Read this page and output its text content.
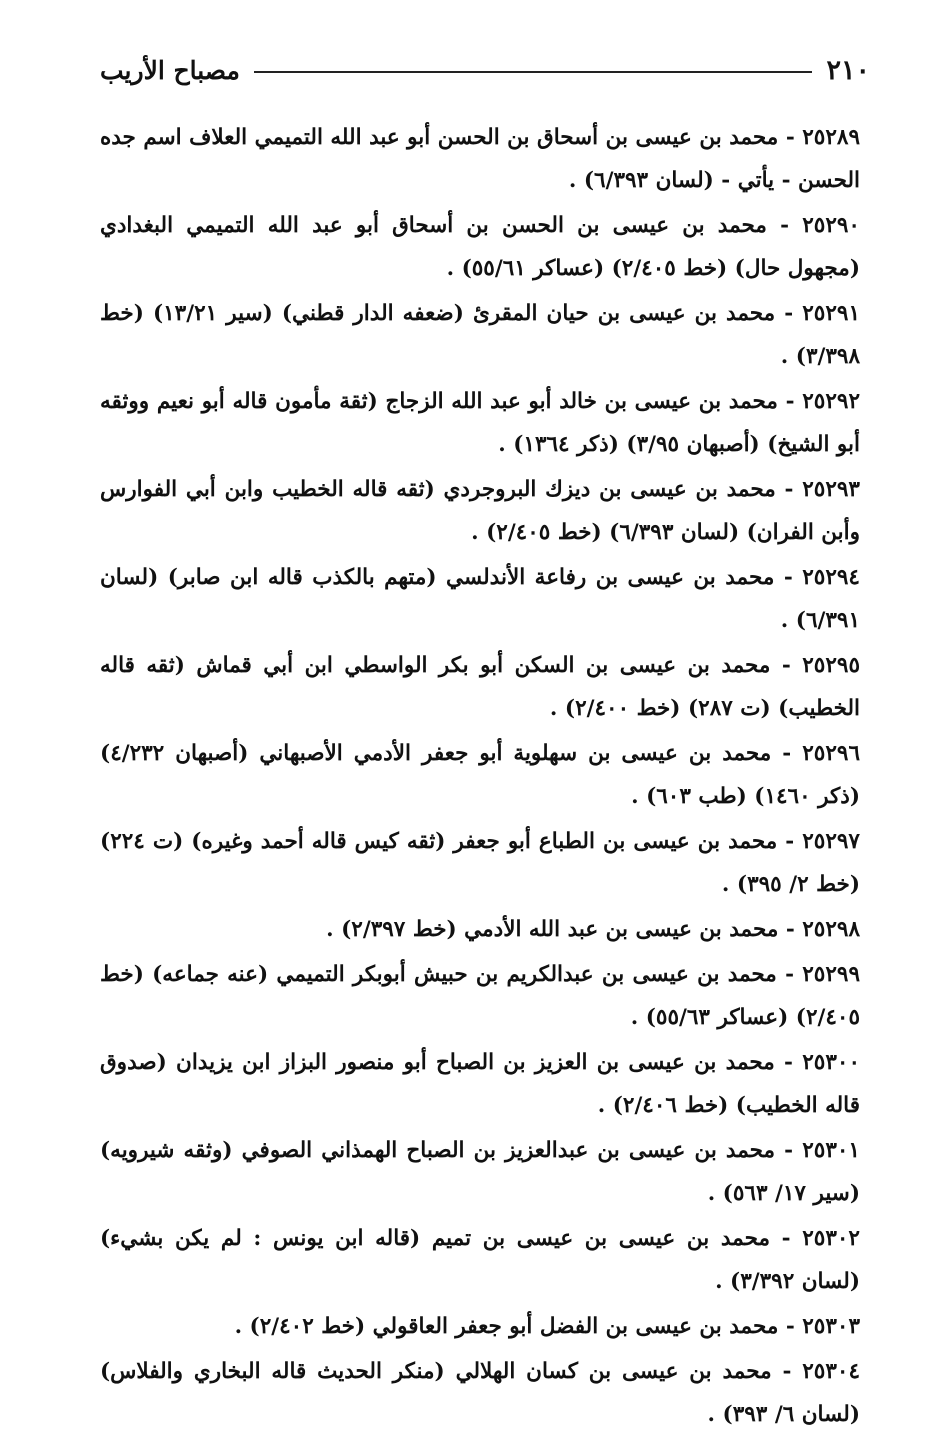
٢١٠
مصباح الأريب

٢٥٢٨٩ - محمد بن عيسى بن أسحاق بن الحسن أبو عبد الله التميمي العلاف اسم جده الحسن - يأتي - (لسان ٦/٣٩٣) .

٢٥٢٩٠ - محمد بن عيسى بن الحسن بن أسحاق أبو عبد الله التميمي البغدادي (مجهول حال) (خط ٢/٤٠٥) (عساكر ٥٥/٦١) .

٢٥٢٩١ - محمد بن عيسى بن حيان المقرئ (ضعفه الدار قطني) (سير ١٣/٢١) (خط ٣/٣٩٨) .

٢٥٢٩٢ - محمد بن عيسى بن خالد أبو عبد الله الزجاج (ثقة مأمون قاله أبو نعيم ووثقه أبو الشيخ) (أصبهان ٣/٩٥) (ذكر ١٣٦٤) .

٢٥٢٩٣ - محمد بن عيسى بن ديزك البروجردي (ثقه قاله الخطيب وابن أبي الفوارس وأبن الفران) (لسان ٦/٣٩٣) (خط ٢/٤٠٥) .

٢٥٢٩٤ - محمد بن عيسى بن رفاعة الأندلسي (متهم بالكذب قاله ابن صابر) (لسان ٦/٣٩١) .

٢٥٢٩٥ - محمد بن عيسى بن السكن أبو بكر الواسطي ابن أبي قماش (ثقه قاله الخطيب) (ت ٢٨٧) (خط ٢/٤٠٠) .

٢٥٢٩٦ - محمد بن عيسى بن سهلوية أبو جعفر الأدمي الأصبهاني (أصبهان ٤/٢٣٢) (ذكر ١٤٦٠) (طب ٦٠٣) .

٢٥٢٩٧ - محمد بن عيسى بن الطباع أبو جعفر (ثقه كيس قاله أحمد وغيره) (ت ٢٢٤) (خط ٢/ ٣٩٥) .

٢٥٢٩٨ - محمد بن عيسى بن عبد الله الأدمي (خط ٢/٣٩٧) .

٢٥٢٩٩ - محمد بن عيسى بن عبدالكريم بن حبيش أبوبكر التميمي (عنه جماعه) (خط ٢/٤٠٥) (عساكر ٥٥/٦٣) .

٢٥٣٠٠ - محمد بن عيسى بن العزيز بن الصباح أبو منصور البزاز ابن يزيدان (صدوق قاله الخطيب) (خط ٢/٤٠٦) .

٢٥٣٠١ - محمد بن عيسى بن عبدالعزيز بن الصباح الهمذاني الصوفي (وثقه شيرويه) (سير ١٧/ ٥٦٣) .

٢٥٣٠٢ - محمد بن عيسى بن عيسى بن تميم (قاله ابن يونس : لم يكن بشيء) (لسان ٣/٣٩٢) .

٢٥٣٠٣ - محمد بن عيسى بن الفضل أبو جعفر العاقولي (خط ٢/٤٠٢) .

٢٥٣٠٤ - محمد بن عيسى بن كسان الهلالي (منكر الحديث قاله البخاري والفلاس) (لسان ٦/ ٣٩٣) .
